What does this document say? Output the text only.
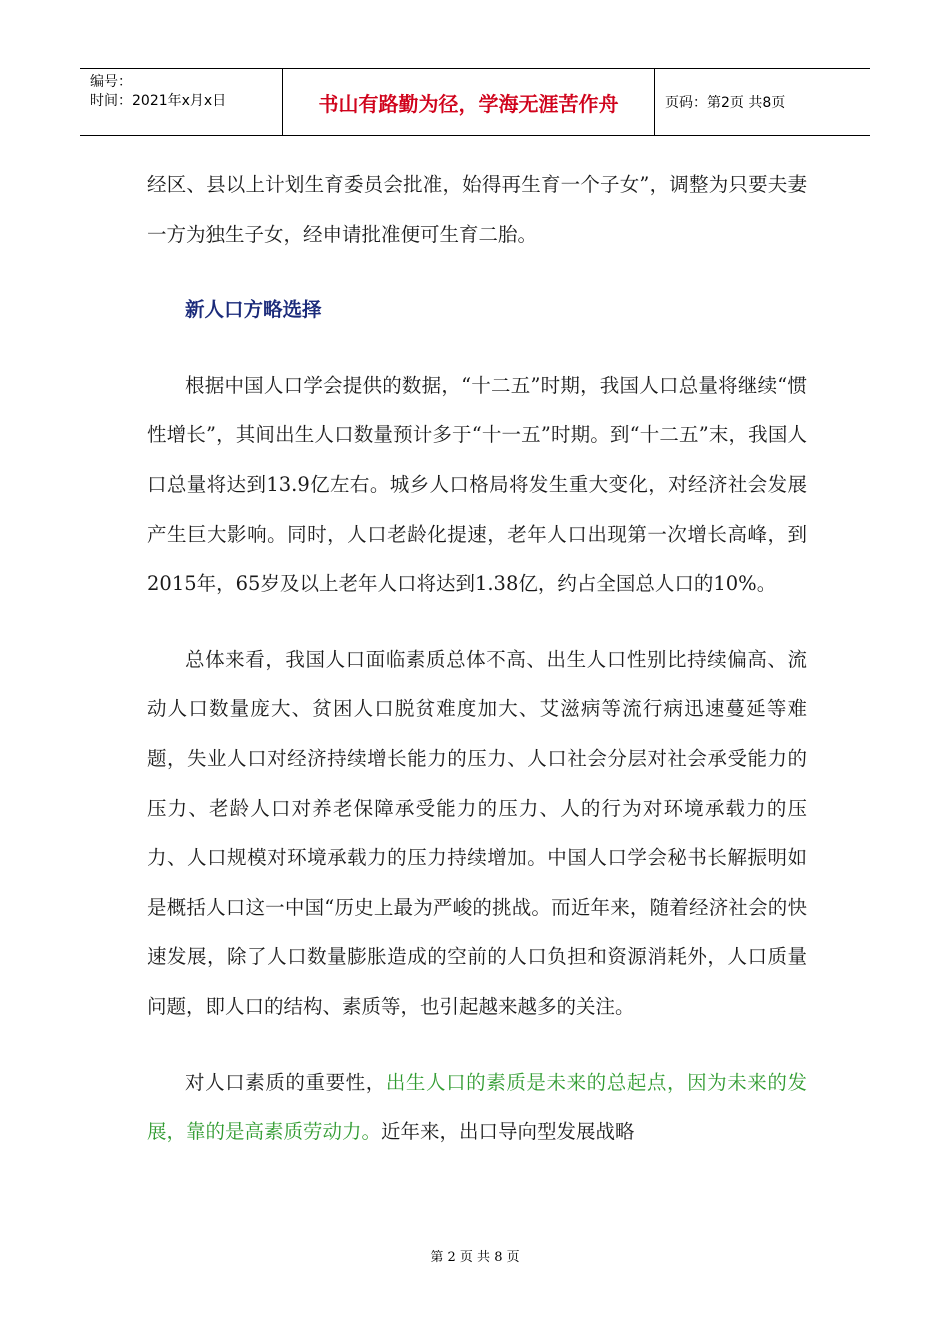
编号：
时间：2021年x月x日	书山有路勤为径，学海无涯苦作舟	页码：第2页 共8页

经区、县以上计划生育委员会批准，始得再生育一个子女”，调整为只要夫妻一方为独生子女，经申请批准便可生育二胎。

新人口方略选择

根据中国人口学会提供的数据，“十二五”时期，我国人口总量将继续“惯性增长”，其间出生人口数量预计多于“十一五”时期。到“十二五”末，我国人口总量将达到13.9亿左右。城乡人口格局将发生重大变化，对经济社会发展产生巨大影响。同时，人口老龄化提速，老年人口出现第一次增长高峰，到2015年，65岁及以上老年人口将达到1.38亿，约占全国总人口的10%。

总体来看，我国人口面临素质总体不高、出生人口性别比持续偏高、流动人口数量庞大、贫困人口脱贫难度加大、艾滋病等流行病迅速蔓延等难题，失业人口对经济持续增长能力的压力、人口社会分层对社会承受能力的压力、老龄人口对养老保障承受能力的压力、人的行为对环境承载力的压力、人口规模对环境承载力的压力持续增加。中国人口学会秘书长解振明如是概括人口这一中国“历史上最为严峻的挑战。而近年来，随着经济社会的快速发展，除了人口数量膨胀造成的空前的人口负担和资源消耗外，人口质量问题，即人口的结构、素质等，也引起越来越多的关注。

对人口素质的重要性，出生人口的素质是未来的总起点，因为未来的发展，靠的是高素质劳动力。近年来，出口导向型发展战略

第 2 页 共 8 页
